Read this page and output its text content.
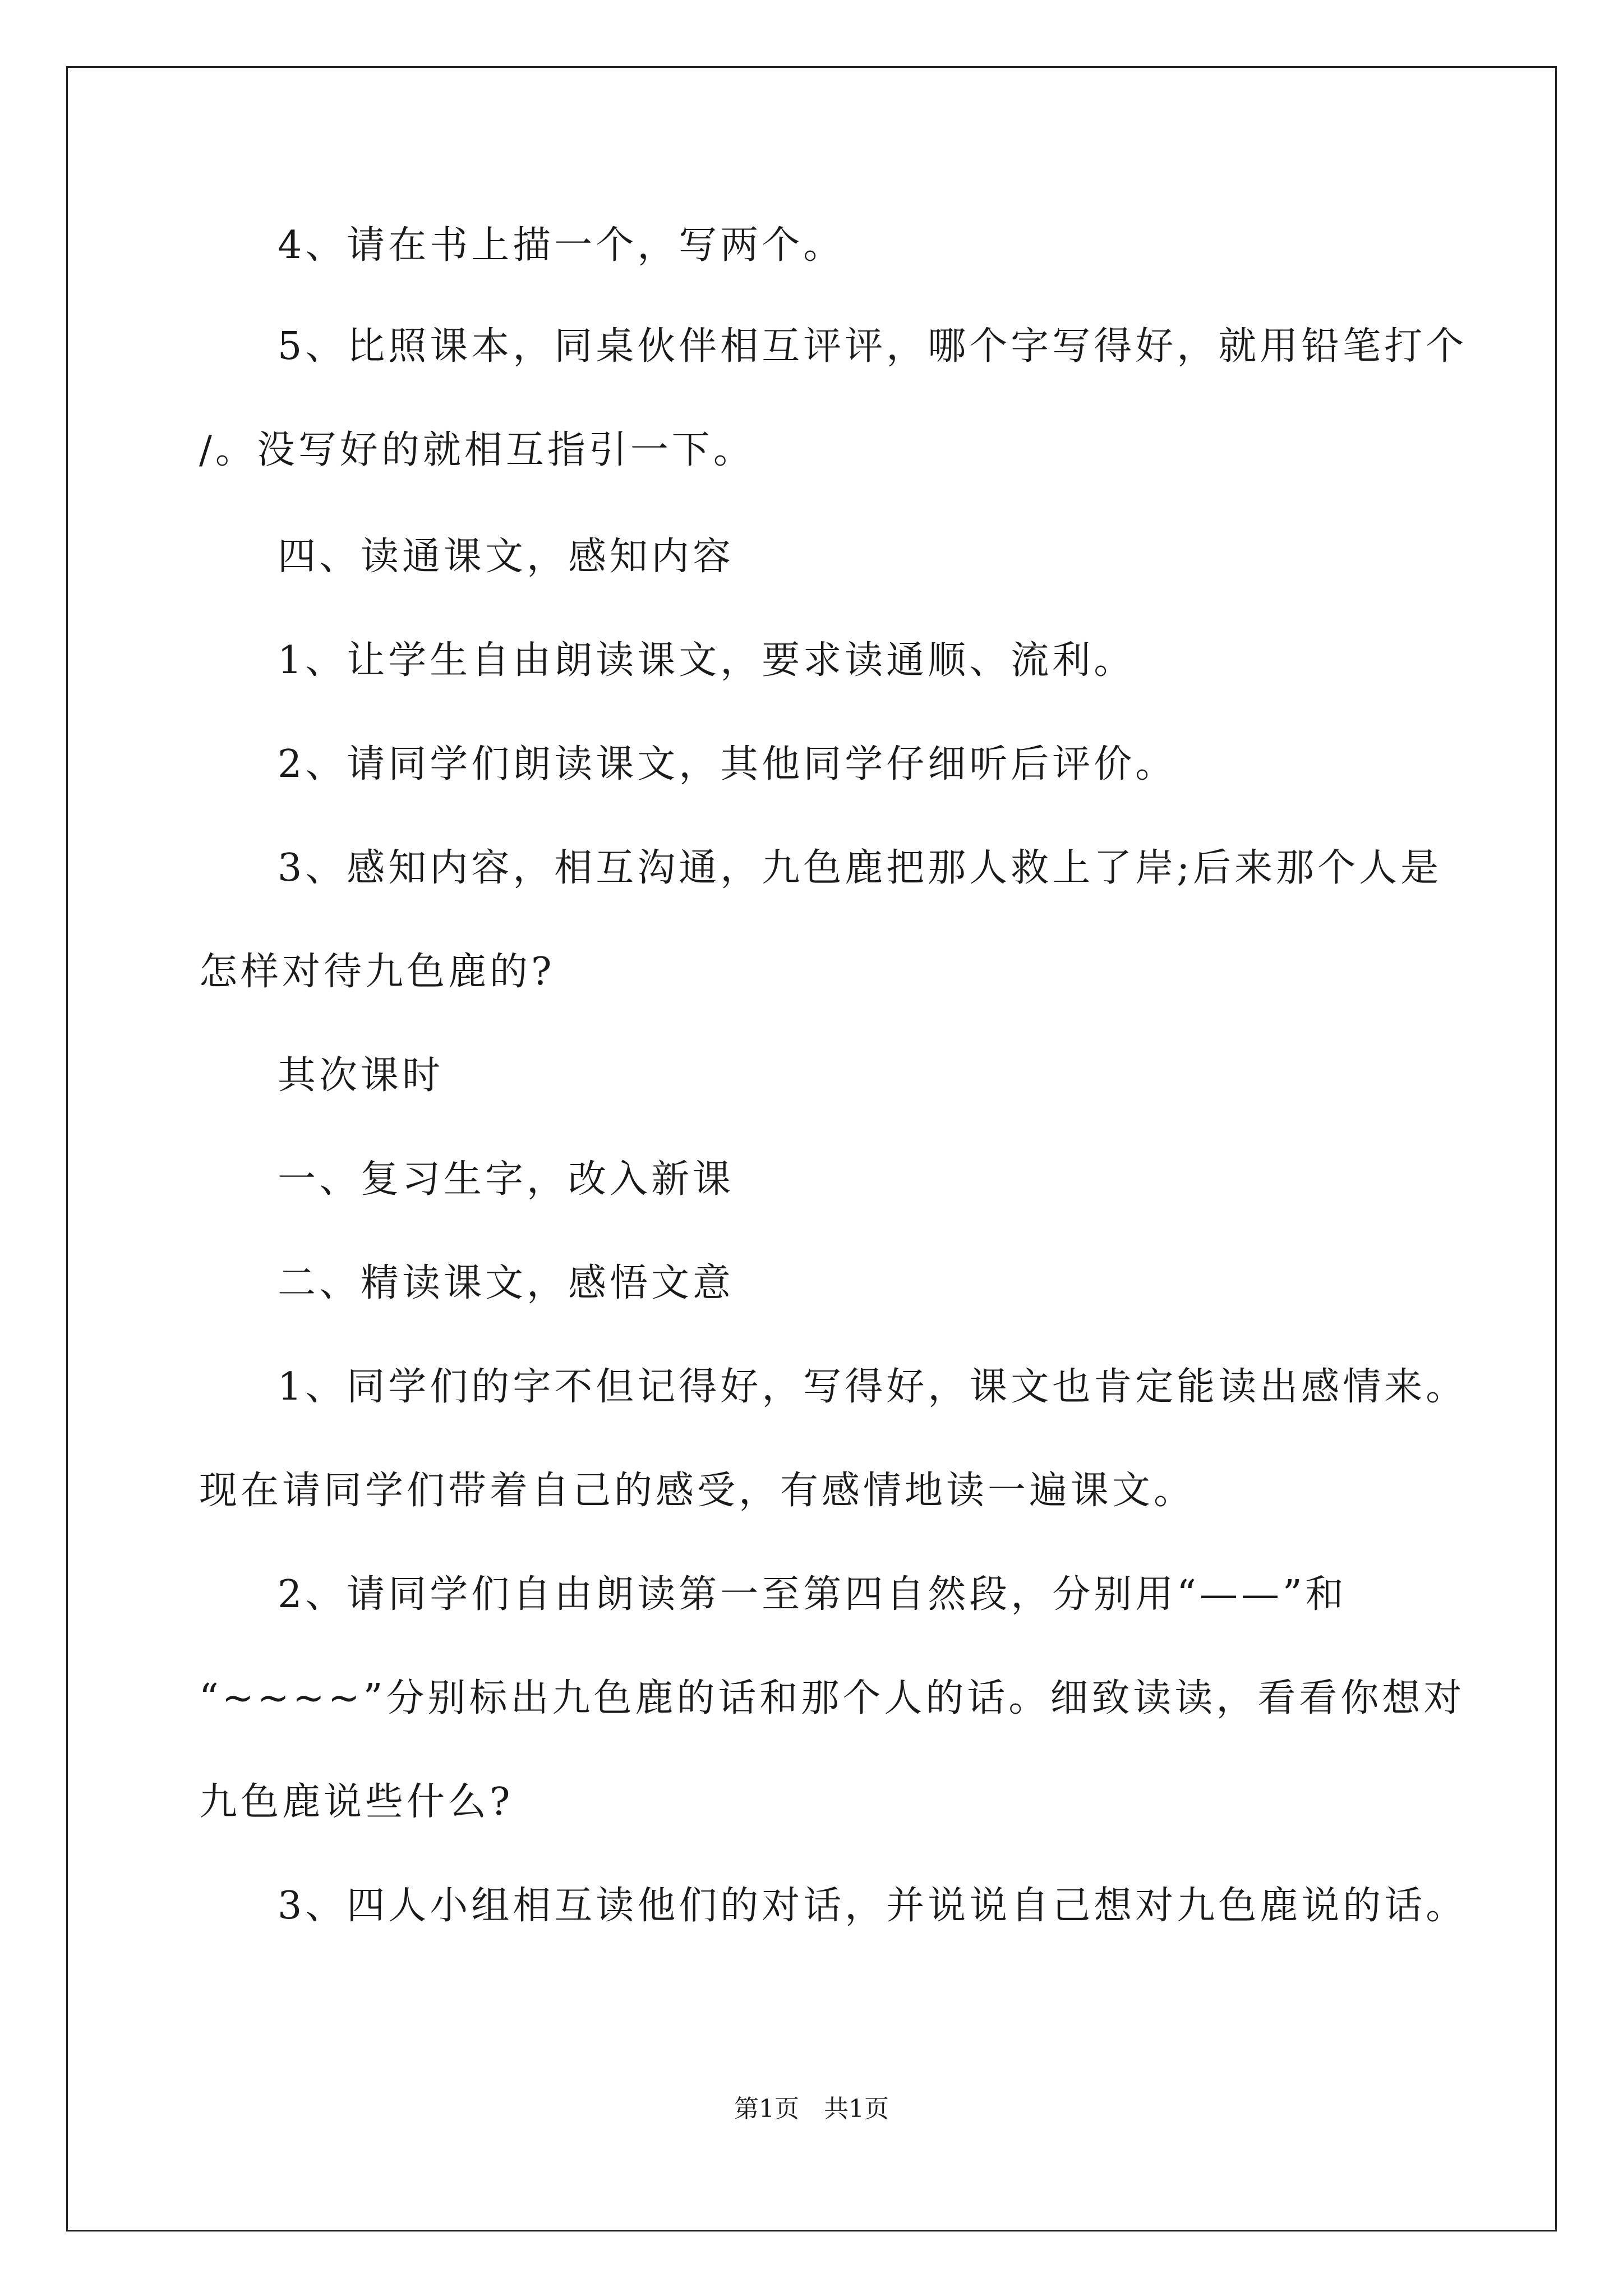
4、请在书上描一个，写两个。
5、比照课本，同桌伙伴相互评评，哪个字写得好，就用铅笔打个
/。没写好的就相互指引一下。
四、读通课文，感知内容
1、让学生自由朗读课文，要求读通顺、流利。
2、请同学们朗读课文，其他同学仔细听后评价。
3、感知内容，相互沟通，九色鹿把那人救上了岸;后来那个人是
怎样对待九色鹿的?
其次课时
一、复习生字，改入新课
二、精读课文，感悟文意
1、同学们的字不但记得好，写得好，课文也肯定能读出感情来。
现在请同学们带着自己的感受，有感情地读一遍课文。
2、请同学们自由朗读第一至第四自然段，分别用“——”和
“~~~~”分别标出九色鹿的话和那个人的话。细致读读，看看你想对
九色鹿说些什么?
3、四人小组相互读他们的对话，并说说自己想对九色鹿说的话。
第1页　共1页
